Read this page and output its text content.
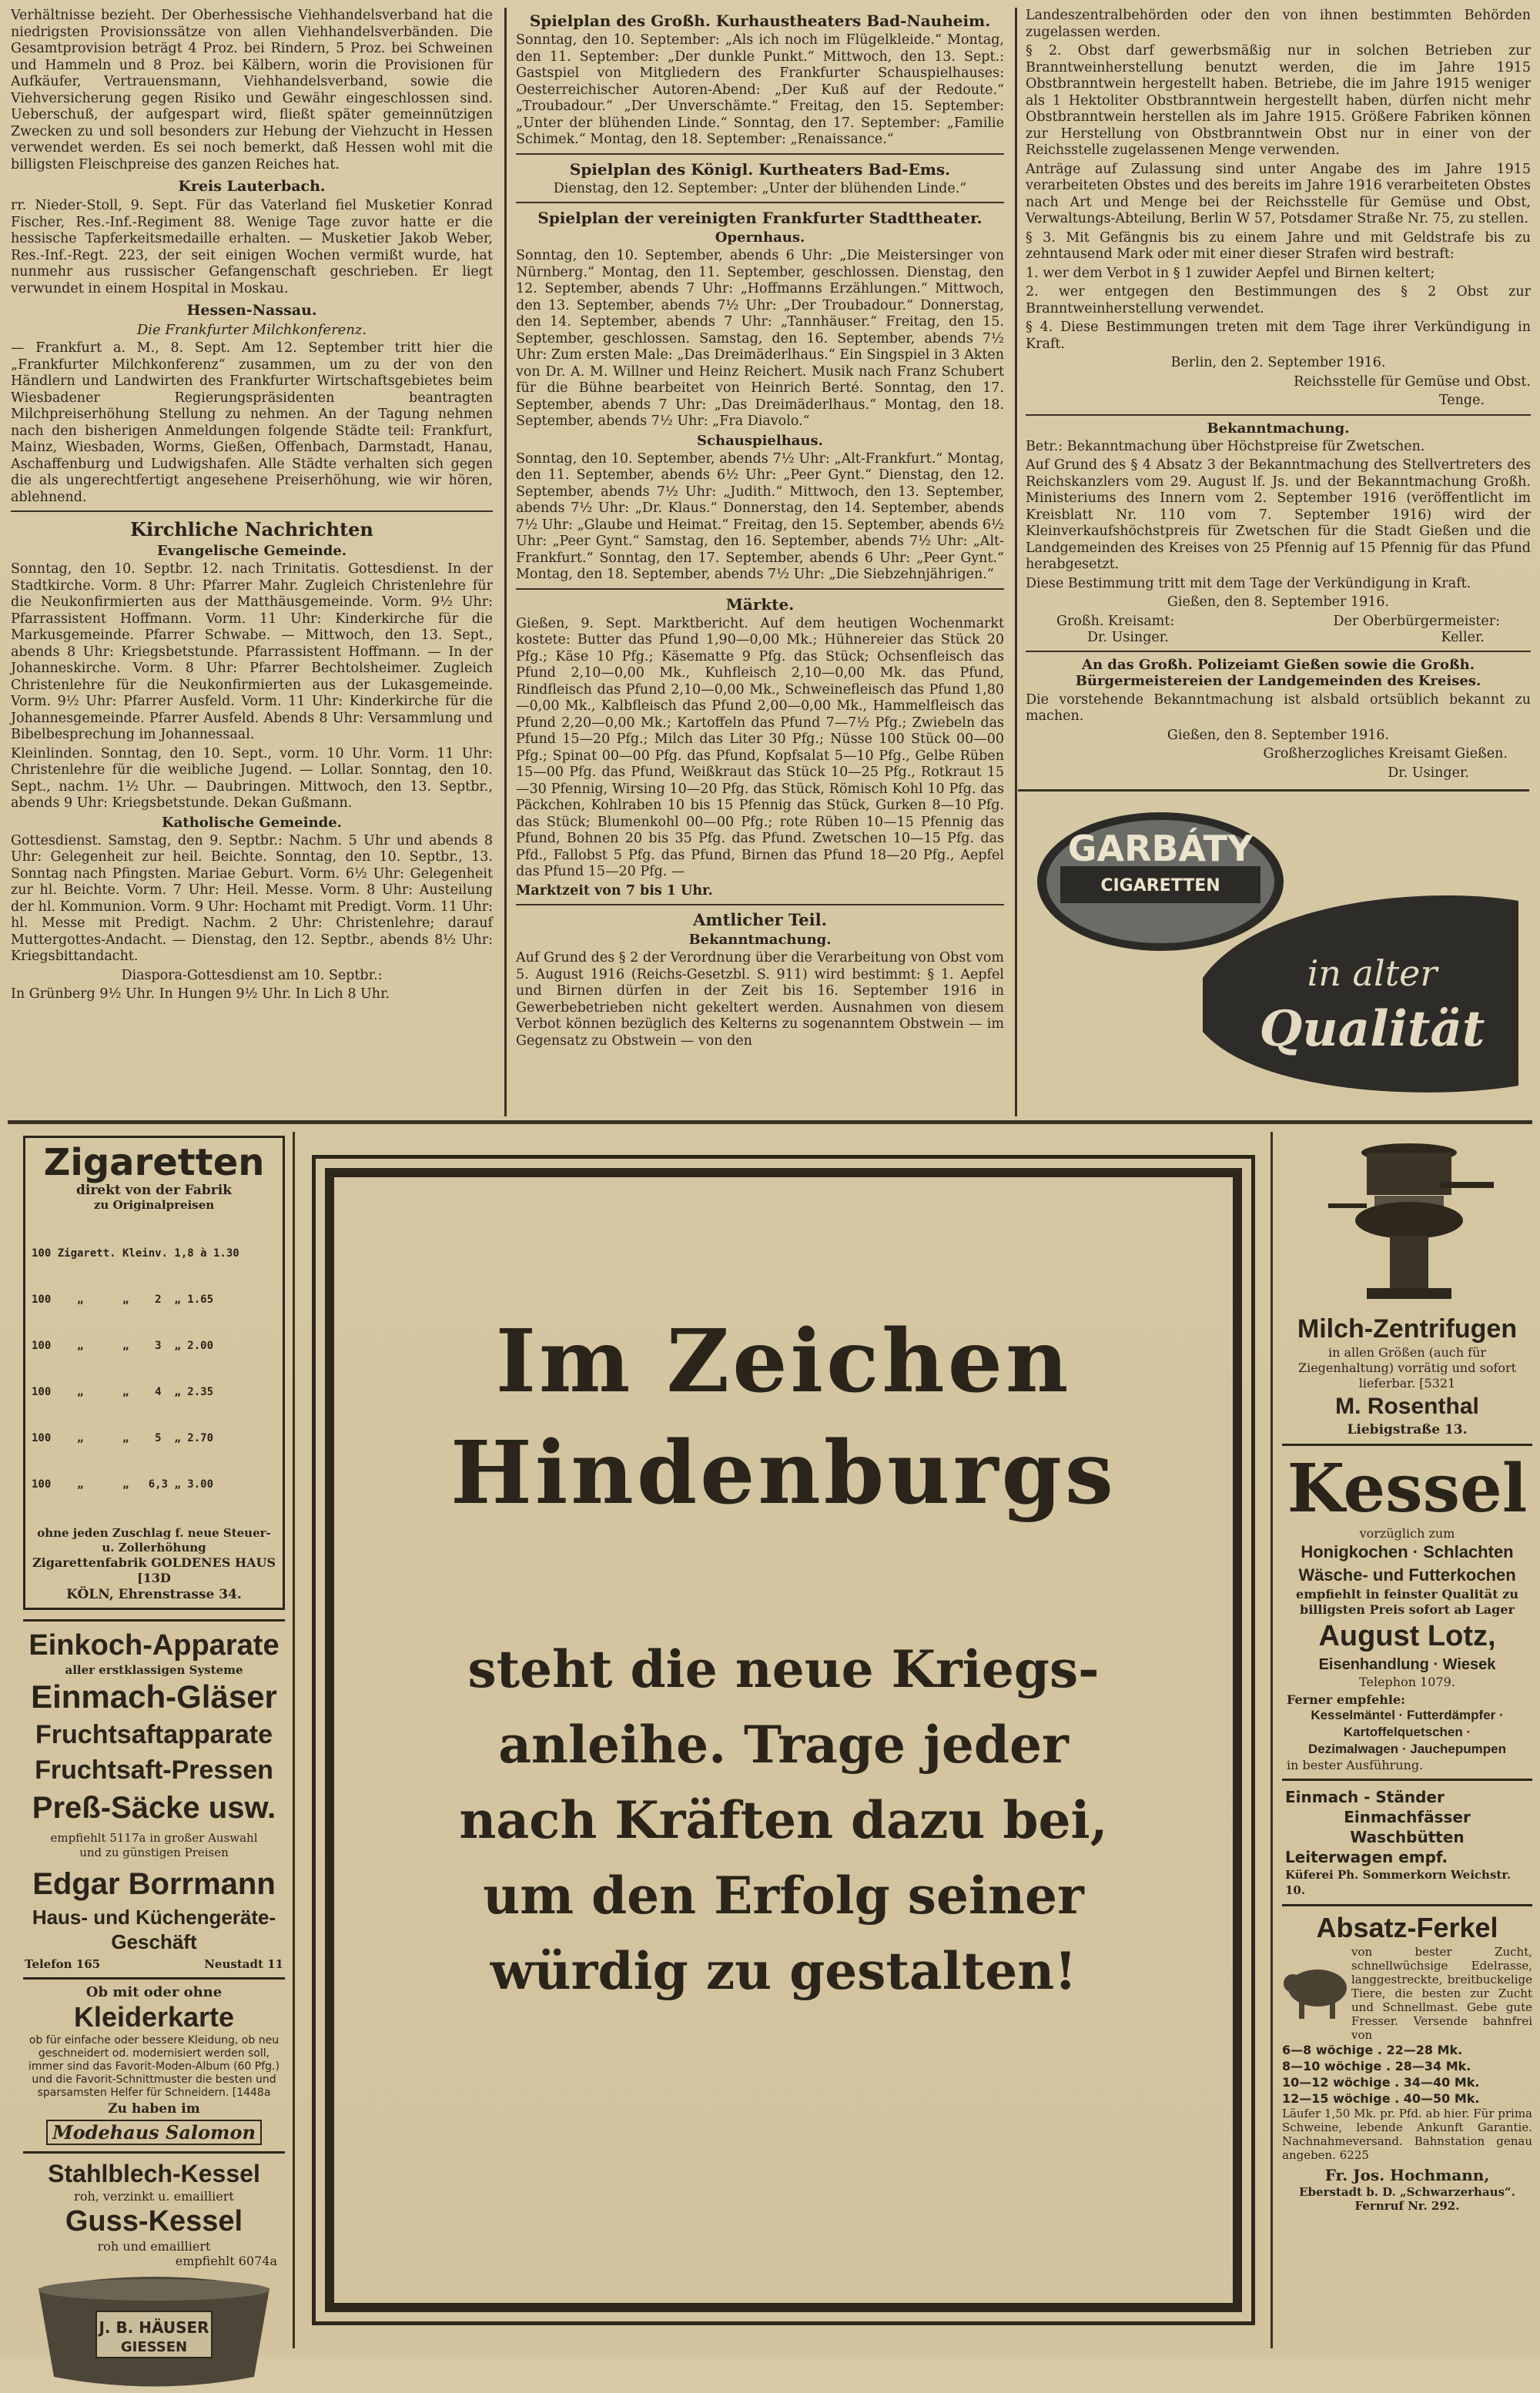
Verhältnisse bezieht. Der Oberhessische Viehhandelsverband hat die niedrigsten Provisionssätze von allen Viehhandelsverbänden. Die Gesamtprovision beträgt 4 Proz. bei Rindern, 5 Proz. bei Schweinen und Hammeln und 8 Proz. bei Kälbern, worin die Provisionen für Aufkäufer, Vertrauensmann, Viehhandelsverband, sowie die Viehversicherung gegen Risiko und Gewähr eingeschlossen sind. Ueberschuß, der aufgespart wird, fließt später gemeinnützigen Zwecken zu und soll besonders zur Hebung der Viehzucht in Hessen verwendet werden. Es sei noch bemerkt, daß Hessen wohl mit die billigsten Fleischpreise des ganzen Reiches hat.

Kreis Lauterbach.

rr. Nieder-Stoll, 9. Sept. Für das Vaterland fiel Musketier Konrad Fischer, Res.-Inf.-Regiment 88. Wenige Tage zuvor hatte er die hessische Tapferkeitsmedaille erhalten. — Musketier Jakob Weber, Res.-Inf.-Regt. 223, der seit einigen Wochen vermißt wurde, hat nunmehr aus russischer Gefangenschaft geschrieben. Er liegt verwundet in einem Hospital in Moskau.

Hessen-Nassau.
Die Frankfurter Milchkonferenz.

— Frankfurt a. M., 8. Sept. Am 12. September tritt hier die „Frankfurter Milchkonferenz“ zusammen, um zu der von den Händlern und Landwirten des Frankfurter Wirtschaftsgebietes beim Wiesbadener Regierungspräsidenten beantragten Milchpreiserhöhung Stellung zu nehmen. An der Tagung nehmen nach den bisherigen Anmeldungen folgende Städte teil: Frankfurt, Mainz, Wiesbaden, Worms, Gießen, Offenbach, Darmstadt, Hanau, Aschaffenburg und Ludwigshafen. Alle Städte verhalten sich gegen die als ungerechtfertigt angesehene Preiserhöhung, wie wir hören, ablehnend.

Kirchliche Nachrichten
Evangelische Gemeinde.

Sonntag, den 10. Septbr. 12. nach Trinitatis. Gottesdienst. In der Stadtkirche. Vorm. 8 Uhr: Pfarrer Mahr. Zugleich Christenlehre für die Neukonfirmierten aus der Matthäusgemeinde. Vorm. 9½ Uhr: Pfarrassistent Hoffmann. Vorm. 11 Uhr: Kinderkirche für die Markusgemeinde. Pfarrer Schwabe. — Mittwoch, den 13. Sept., abends 8 Uhr: Kriegsbetstunde. Pfarrassistent Hoffmann. — In der Johanneskirche. Vorm. 8 Uhr: Pfarrer Bechtolsheimer. Zugleich Christenlehre für die Neukonfirmierten aus der Lukasgemeinde. Vorm. 9½ Uhr: Pfarrer Ausfeld. Vorm. 11 Uhr: Kinderkirche für die Johannesgemeinde. Pfarrer Ausfeld. Abends 8 Uhr: Versammlung und Bibelbesprechung im Johannessaal.

Kleinlinden. Sonntag, den 10. Sept., vorm. 10 Uhr. Vorm. 11 Uhr: Christenlehre für die weibliche Jugend. — Lollar. Sonntag, den 10. Sept., nachm. 1½ Uhr. — Daubringen. Mittwoch, den 13. Septbr., abends 9 Uhr: Kriegsbetstunde. Dekan Gußmann.

Katholische Gemeinde.

Gottesdienst. Samstag, den 9. Septbr.: Nachm. 5 Uhr und abends 8 Uhr: Gelegenheit zur heil. Beichte. Sonntag, den 10. Septbr., 13. Sonntag nach Pfingsten. Mariae Geburt. Vorm. 6½ Uhr: Gelegenheit zur hl. Beichte. Vorm. 7 Uhr: Heil. Messe. Vorm. 8 Uhr: Austeilung der hl. Kommunion. Vorm. 9 Uhr: Hochamt mit Predigt. Vorm. 11 Uhr: hl. Messe mit Predigt. Nachm. 2 Uhr: Christenlehre; darauf Muttergottes-Andacht. — Dienstag, den 12. Septbr., abends 8½ Uhr: Kriegsbittandacht.

Diaspora-Gottesdienst am 10. Septbr.:

In Grünberg 9½ Uhr. In Hungen 9½ Uhr. In Lich 8 Uhr.

Spielplan des Großh. Kurhaustheaters Bad-Nauheim.

Sonntag, den 10. September: „Als ich noch im Flügelkleide.“ Montag, den 11. September: „Der dunkle Punkt.“ Mittwoch, den 13. Sept.: Gastspiel von Mitgliedern des Frankfurter Schauspielhauses: Oesterreichischer Autoren-Abend: „Der Kuß auf der Redoute.“ „Troubadour.“ „Der Unverschämte.“ Freitag, den 15. September: „Unter der blühenden Linde.“ Sonntag, den 17. September: „Familie Schimek.“ Montag, den 18. September: „Renaissance.“

Spielplan des Königl. Kurtheaters Bad-Ems.

Dienstag, den 12. September: „Unter der blühenden Linde.“

Spielplan der vereinigten Frankfurter Stadttheater.
Opernhaus.

Sonntag, den 10. September, abends 6 Uhr: „Die Meistersinger von Nürnberg.“ Montag, den 11. September, geschlossen. Dienstag, den 12. September, abends 7 Uhr: „Hoffmanns Erzählungen.“ Mittwoch, den 13. September, abends 7½ Uhr: „Der Troubadour.“ Donnerstag, den 14. September, abends 7 Uhr: „Tannhäuser.“ Freitag, den 15. September, geschlossen. Samstag, den 16. September, abends 7½ Uhr: Zum ersten Male: „Das Dreimäderlhaus.“ Ein Singspiel in 3 Akten von Dr. A. M. Willner und Heinz Reichert. Musik nach Franz Schubert für die Bühne bearbeitet von Heinrich Berté. Sonntag, den 17. September, abends 7 Uhr: „Das Dreimäderlhaus.“ Montag, den 18. September, abends 7½ Uhr: „Fra Diavolo.“

Schauspielhaus.

Sonntag, den 10. September, abends 7½ Uhr: „Alt-Frankfurt.“ Montag, den 11. September, abends 6½ Uhr: „Peer Gynt.“ Dienstag, den 12. September, abends 7½ Uhr: „Judith.“ Mittwoch, den 13. September, abends 7½ Uhr: „Dr. Klaus.“ Donnerstag, den 14. September, abends 7½ Uhr: „Glaube und Heimat.“ Freitag, den 15. September, abends 6½ Uhr: „Peer Gynt.“ Samstag, den 16. September, abends 7½ Uhr: „Alt-Frankfurt.“ Sonntag, den 17. September, abends 6 Uhr: „Peer Gynt.“ Montag, den 18. September, abends 7½ Uhr: „Die Siebzehnjährigen.“

Märkte.

Gießen, 9. Sept. Marktbericht. Auf dem heutigen Wochenmarkt kostete: Butter das Pfund 1,90—0,00 Mk.; Hühnereier das Stück 20 Pfg.; Käse 10 Pfg.; Käsematte 9 Pfg. das Stück; Ochsenfleisch das Pfund 2,10—0,00 Mk., Kuhfleisch 2,10—0,00 Mk. das Pfund, Rindfleisch das Pfund 2,10—0,00 Mk., Schweinefleisch das Pfund 1,80—0,00 Mk., Kalbfleisch das Pfund 2,00—0,00 Mk., Hammelfleisch das Pfund 2,20—0,00 Mk.; Kartoffeln das Pfund 7—7½ Pfg.; Zwiebeln das Pfund 15—20 Pfg.; Milch das Liter 30 Pfg.; Nüsse 100 Stück 00—00 Pfg.; Spinat 00—00 Pfg. das Pfund, Kopfsalat 5—10 Pfg., Gelbe Rüben 15—00 Pfg. das Pfund, Weißkraut das Stück 10—25 Pfg., Rotkraut 15—30 Pfennig, Wirsing 10—20 Pfg. das Stück, Römisch Kohl 10 Pfg. das Päckchen, Kohlraben 10 bis 15 Pfennig das Stück, Gurken 8—10 Pfg. das Stück; Blumenkohl 00—00 Pfg.; rote Rüben 10—15 Pfennig das Pfund, Bohnen 20 bis 35 Pfg. das Pfund. Zwetschen 10—15 Pfg. das Pfd., Fallobst 5 Pfg. das Pfund, Birnen das Pfund 18—20 Pfg., Aepfel das Pfund 15—20 Pfg. —

Marktzeit von 7 bis 1 Uhr.

Amtlicher Teil.
Bekanntmachung.

Auf Grund des § 2 der Verordnung über die Verarbeitung von Obst vom 5. August 1916 (Reichs-Gesetzbl. S. 911) wird bestimmt: § 1. Aepfel und Birnen dürfen in der Zeit bis 16. September 1916 in Gewerbebetrieben nicht gekeltert werden. Ausnahmen von diesem Verbot können bezüglich des Kelterns zu sogenanntem Obstwein — im Gegensatz zu Obstwein — von den

Landeszentralbehörden oder den von ihnen bestimmten Behörden zugelassen werden.

§ 2. Obst darf gewerbsmäßig nur in solchen Betrieben zur Branntweinherstellung benutzt werden, die im Jahre 1915 Obstbranntwein hergestellt haben. Betriebe, die im Jahre 1915 weniger als 1 Hektoliter Obstbranntwein hergestellt haben, dürfen nicht mehr Obstbranntwein herstellen als im Jahre 1915. Größere Fabriken können zur Herstellung von Obstbranntwein Obst nur in einer von der Reichsstelle zugelassenen Menge verwenden.

Anträge auf Zulassung sind unter Angabe des im Jahre 1915 verarbeiteten Obstes und des bereits im Jahre 1916 verarbeiteten Obstes nach Art und Menge bei der Reichsstelle für Gemüse und Obst, Verwaltungs-Abteilung, Berlin W 57, Potsdamer Straße Nr. 75, zu stellen.

§ 3. Mit Gefängnis bis zu einem Jahre und mit Geldstrafe bis zu zehntausend Mark oder mit einer dieser Strafen wird bestraft:

1. wer dem Verbot in § 1 zuwider Aepfel und Birnen keltert;

2. wer entgegen den Bestimmungen des § 2 Obst zur Branntweinherstellung verwendet.

§ 4. Diese Bestimmungen treten mit dem Tage ihrer Verkündigung in Kraft.

Berlin, den 2. September 1916.

Reichsstelle für Gemüse und Obst.

Tenge.

Bekanntmachung.

Betr.: Bekanntmachung über Höchstpreise für Zwetschen.

Auf Grund des § 4 Absatz 3 der Bekanntmachung des Stellvertreters des Reichskanzlers vom 29. August lf. Js. und der Bekanntmachung Großh. Ministeriums des Innern vom 2. September 1916 (veröffentlicht im Kreisblatt Nr. 110 vom 7. September 1916) wird der Kleinverkaufshöchstpreis für Zwetschen für die Stadt Gießen und die Landgemeinden des Kreises von 25 Pfennig auf 15 Pfennig für das Pfund herabgesetzt.

Diese Bestimmung tritt mit dem Tage der Verkündigung in Kraft.

Gießen, den 8. September 1916.

Großh. Kreisamt:	Der Oberbürgermeister:
Dr. Usinger.	Keller.

An das Großh. Polizeiamt Gießen sowie die Großh. Bürgermeistereien der Landgemeinden des Kreises.

Die vorstehende Bekanntmachung ist alsbald ortsüblich bekannt zu machen.

Gießen, den 8. September 1916.

Großherzogliches Kreisamt Gießen.

Dr. Usinger.

GARBÁTY
CIGARETTEN
in alter
Qualität
Zigaretten
direkt von der Fabrik
zu Originalpreisen

100 Zigarett. Kleinv. 1,8 à 1.30

100    „      „    2  „ 1.65

100    „      „    3  „ 2.00

100    „      „    4  „ 2.35

100    „      „    5  „ 2.70

100    „      „   6,3 „ 3.00

ohne jeden Zuschlag f. neue Steuer- u. Zollerhöhung
Zigarettenfabrik GOLDENES HAUS [13D
KÖLN, Ehrenstrasse 34.
Einkoch-Apparate
aller erstklassigen Systeme
Einmach-Gläser
Fruchtsaftapparate
Fruchtsaft-Pressen
Preß-Säcke usw.
empfiehlt 5117a in großer Auswahl und zu günstigen Preisen
Edgar Borrmann
Haus- und Küchengeräte-Geschäft
Telefon 165	Neustadt 11
Ob mit oder ohne
Kleiderkarte
ob für einfache oder bessere Kleidung, ob neu geschneidert od. modernisiert werden soll, immer sind das Favorit-Moden-Album (60 Pfg.) und die Favorit-Schnittmuster die besten und sparsamsten Helfer für Schneidern. [1448a
Zu haben im
Modehaus Salomon
Stahlblech-Kessel
roh, verzinkt u. emailliert
Guss-Kessel
roh und emailliert
empfiehlt 6074a
J. B. HÄUSER
GIESSEN
Im Zeichen
Hindenburgs
steht die neue Kriegs-
anleihe. Trage jeder
nach Kräften dazu bei,
um den Erfolg seiner
würdig zu gestalten!
Milch-Zentrifugen
in allen Größen (auch für Ziegenhaltung) vorrätig und sofort lieferbar. [5321
M. Rosenthal
Liebigstraße 13.
Kessel
vorzüglich zum
Honigkochen · Schlachten
Wäsche- und Futterkochen
empfiehlt in feinster Qualität zu billigsten Preis sofort ab Lager
August Lotz,
Eisenhandlung · Wiesek
Telephon 1079.
Ferner empfehle:
Kesselmäntel · Futterdämpfer · Kartoffelquetschen · Dezimalwagen · Jauchepumpen
in bester Ausführung.
Einmach - Ständer
Einmachfässer
Waschbütten
Leiterwagen empf.
Küferei Ph. Sommerkorn Weichstr. 10.
Absatz-Ferkel
von bester Zucht, schnellwüchsige Edelrasse, langgestreckte, breitbuckelige Tiere, die besten zur Zucht und Schnellmast. Gebe gute Fresser. Versende bahnfrei von
6—8 wöchige . 22—28 Mk.
8—10 wöchige . 28—34 Mk.
10—12 wöchige . 34—40 Mk.
12—15 wöchige . 40—50 Mk.
Läufer 1,50 Mk. pr. Pfd. ab hier. Für prima Schweine, lebende Ankunft Garantie. Nachnahmeversand. Bahnstation genau angeben. 6225
Fr. Jos. Hochmann,
Eberstadt b. D. „Schwarzerhaus“. Fernruf Nr. 292.
